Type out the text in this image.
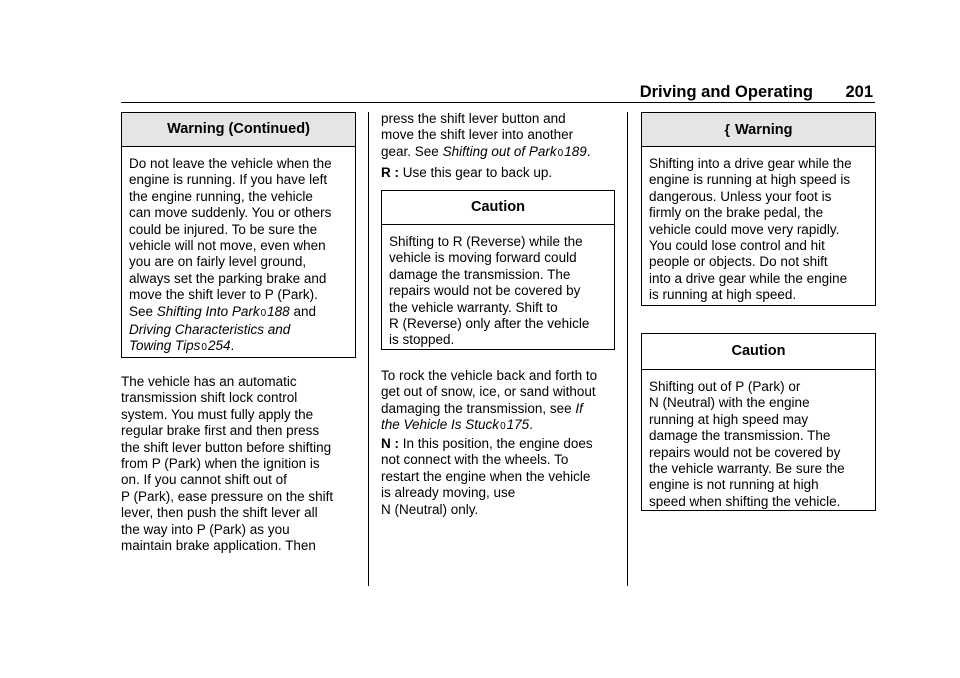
Driving and Operating 201
Warning (Continued)

Do not leave the vehicle when the
engine is running. If you have left
the engine running, the vehicle
can move suddenly. You or others
could be injured. To be sure the
vehicle will not move, even when
you are on fairly level ground,
always set the parking brake and
move the shift lever to P (Park).
See Shifting Into Park0188 and
Driving Characteristics and
Towing Tips0254.

The vehicle has an automatic
transmission shift lock control
system. You must fully apply the
regular brake first and then press
the shift lever button before shifting
from P (Park) when the ignition is
on. If you cannot shift out of
P (Park), ease pressure on the shift
lever, then push the shift lever all
the way into P (Park) as you
maintain brake application. Then

press the shift lever button and
move the shift lever into another
gear. See Shifting out of Park0189.

R : Use this gear to back up.

Caution

Shifting to R (Reverse) while the
vehicle is moving forward could
damage the transmission. The
repairs would not be covered by
the vehicle warranty. Shift to
R (Reverse) only after the vehicle
is stopped.

To rock the vehicle back and forth to
get out of snow, ice, or sand without
damaging the transmission, see If
the Vehicle Is Stuck0175.

N : In this position, the engine does
not connect with the wheels. To
restart the engine when the vehicle
is already moving, use
N (Neutral) only.

{ Warning

Shifting into a drive gear while the
engine is running at high speed is
dangerous. Unless your foot is
firmly on the brake pedal, the
vehicle could move very rapidly.
You could lose control and hit
people or objects. Do not shift
into a drive gear while the engine
is running at high speed.

Caution

Shifting out of P (Park) or
N (Neutral) with the engine
running at high speed may
damage the transmission. The
repairs would not be covered by
the vehicle warranty. Be sure the
engine is not running at high
speed when shifting the vehicle.
